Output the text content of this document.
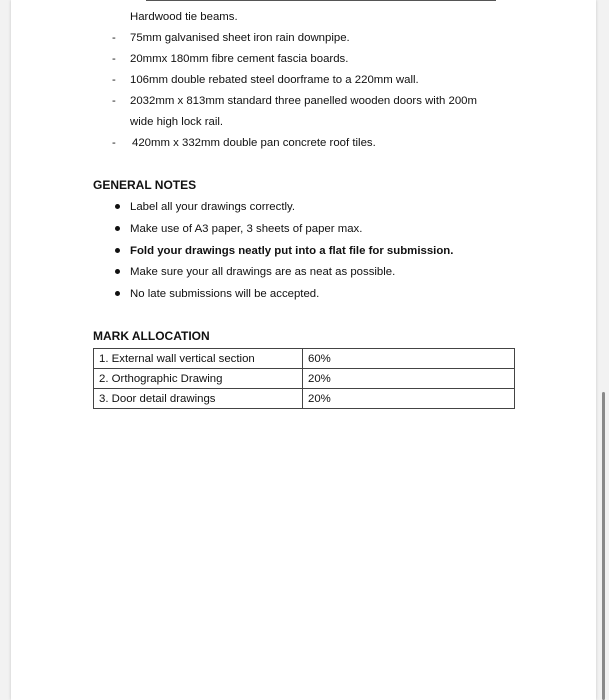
Hardwood tie beams.
- 75mm galvanised sheet iron rain downpipe.
- 20mmx 180mm fibre cement fascia boards.
- 106mm double rebated steel doorframe to a 220mm wall.
- 2032mm x 813mm standard three panelled wooden doors with 200m
wide high lock rail.
- 420mm x 332mm double pan concrete roof tiles.
GENERAL NOTES
Label all your drawings correctly.
Make use of A3 paper, 3 sheets of paper max.
Fold your drawings neatly put into a flat file for submission.
Make sure your all drawings are as neat as possible.
No late submissions will be accepted.
MARK ALLOCATION
1. External wall vertical section	60%
2. Orthographic Drawing	20%
3. Door detail drawings	20%
